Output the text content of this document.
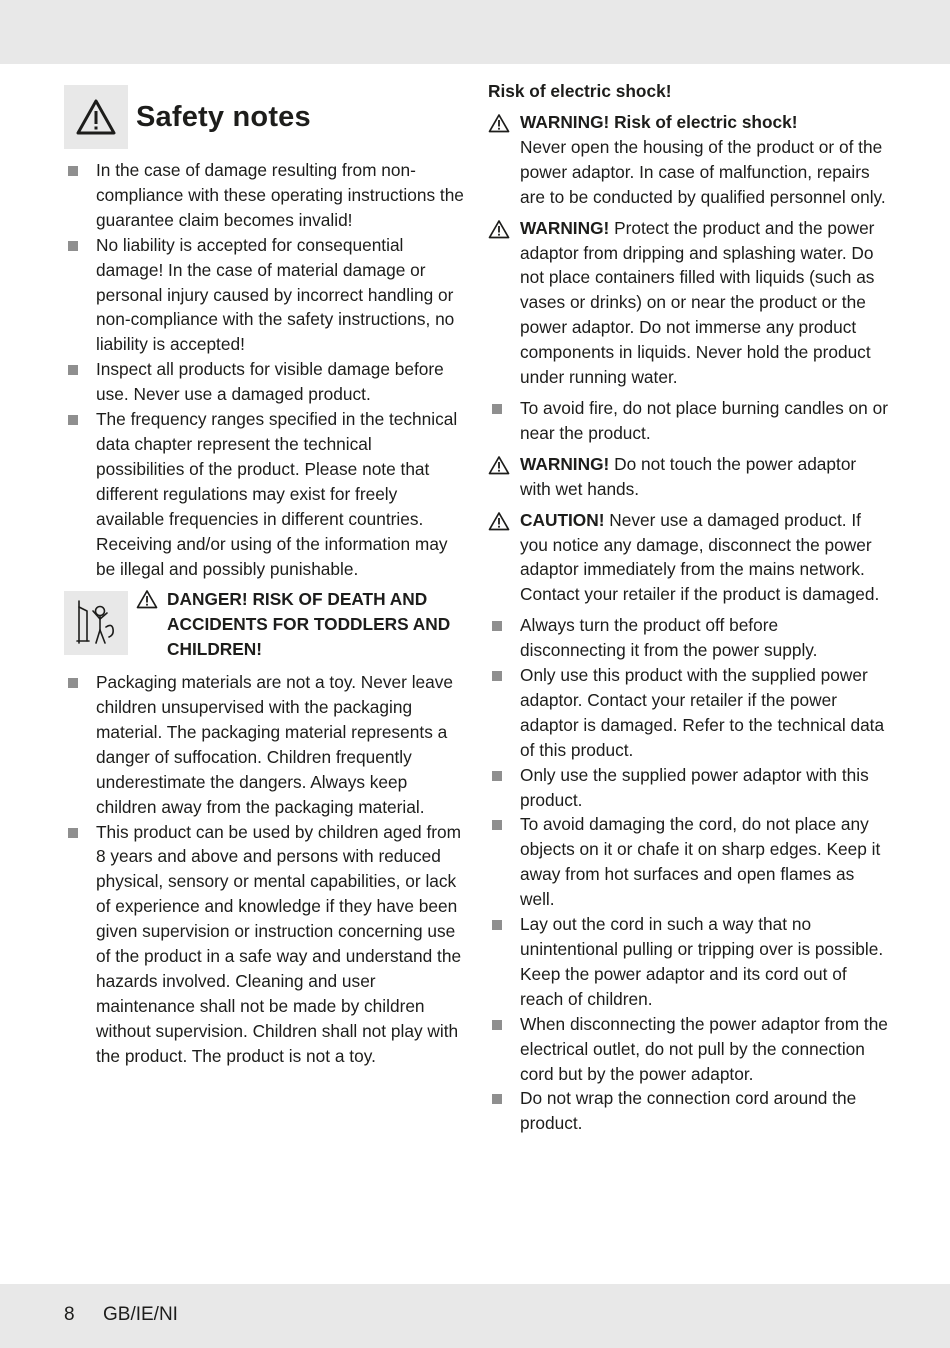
Safety notes
In the case of damage resulting from non-compliance with these operating instructions the guarantee claim becomes invalid!
No liability is accepted for consequential damage! In the case of material damage or personal injury caused by incorrect handling or non-compliance with the safety instructions, no liability is accepted!
Inspect all products for visible damage before use. Never use a damaged product.
The frequency ranges specified in the technical data chapter represent the technical possibilities of the product. Please note that different regulations may exist for freely available frequencies in different countries. Receiving and/or using of the information may be illegal and possibly punishable.
DANGER! RISK OF DEATH AND ACCIDENTS FOR TODDLERS AND CHILDREN!
Packaging materials are not a toy. Never leave children unsupervised with the packaging material. The packaging material represents a danger of suffocation. Children frequently underestimate the dangers. Always keep children away from the packaging material.
This product can be used by children aged from 8 years and above and persons with reduced physical, sensory or mental capabilities, or lack of experience and knowledge if they have been given supervision or instruction concerning use of the product in a safe way and understand the hazards involved. Cleaning and user maintenance shall not be made by children without supervision. Children shall not play with the product. The product is not a toy.
Risk of electric shock!
WARNING! Risk of electric shock!
Never open the housing of the product or of the power adaptor. In case of malfunction, repairs are to be conducted by qualified personnel only.
WARNING! Protect the product and the power adaptor from dripping and splashing water. Do not place containers filled with liquids (such as vases or drinks) on or near the product or the power adaptor. Do not immerse any product components in liquids. Never hold the product under running water.
To avoid fire, do not place burning candles on or near the product.
WARNING! Do not touch the power adaptor with wet hands.
CAUTION! Never use a damaged product. If you notice any damage, disconnect the power adaptor immediately from the mains network. Contact your retailer if the product is damaged.
Always turn the product off before disconnecting it from the power supply.
Only use this product with the supplied power adaptor. Contact your retailer if the power adaptor is damaged. Refer to the technical data of this product.
Only use the supplied power adaptor with this product.
To avoid damaging the cord, do not place any objects on it or chafe it on sharp edges. Keep it away from hot surfaces and open flames as well.
Lay out the cord in such a way that no unintentional pulling or tripping over is possible. Keep the power adaptor and its cord out of reach of children.
When disconnecting the power adaptor from the electrical outlet, do not pull by the connection cord but by the power adaptor.
Do not wrap the connection cord around the product.
8 GB/IE/NI
